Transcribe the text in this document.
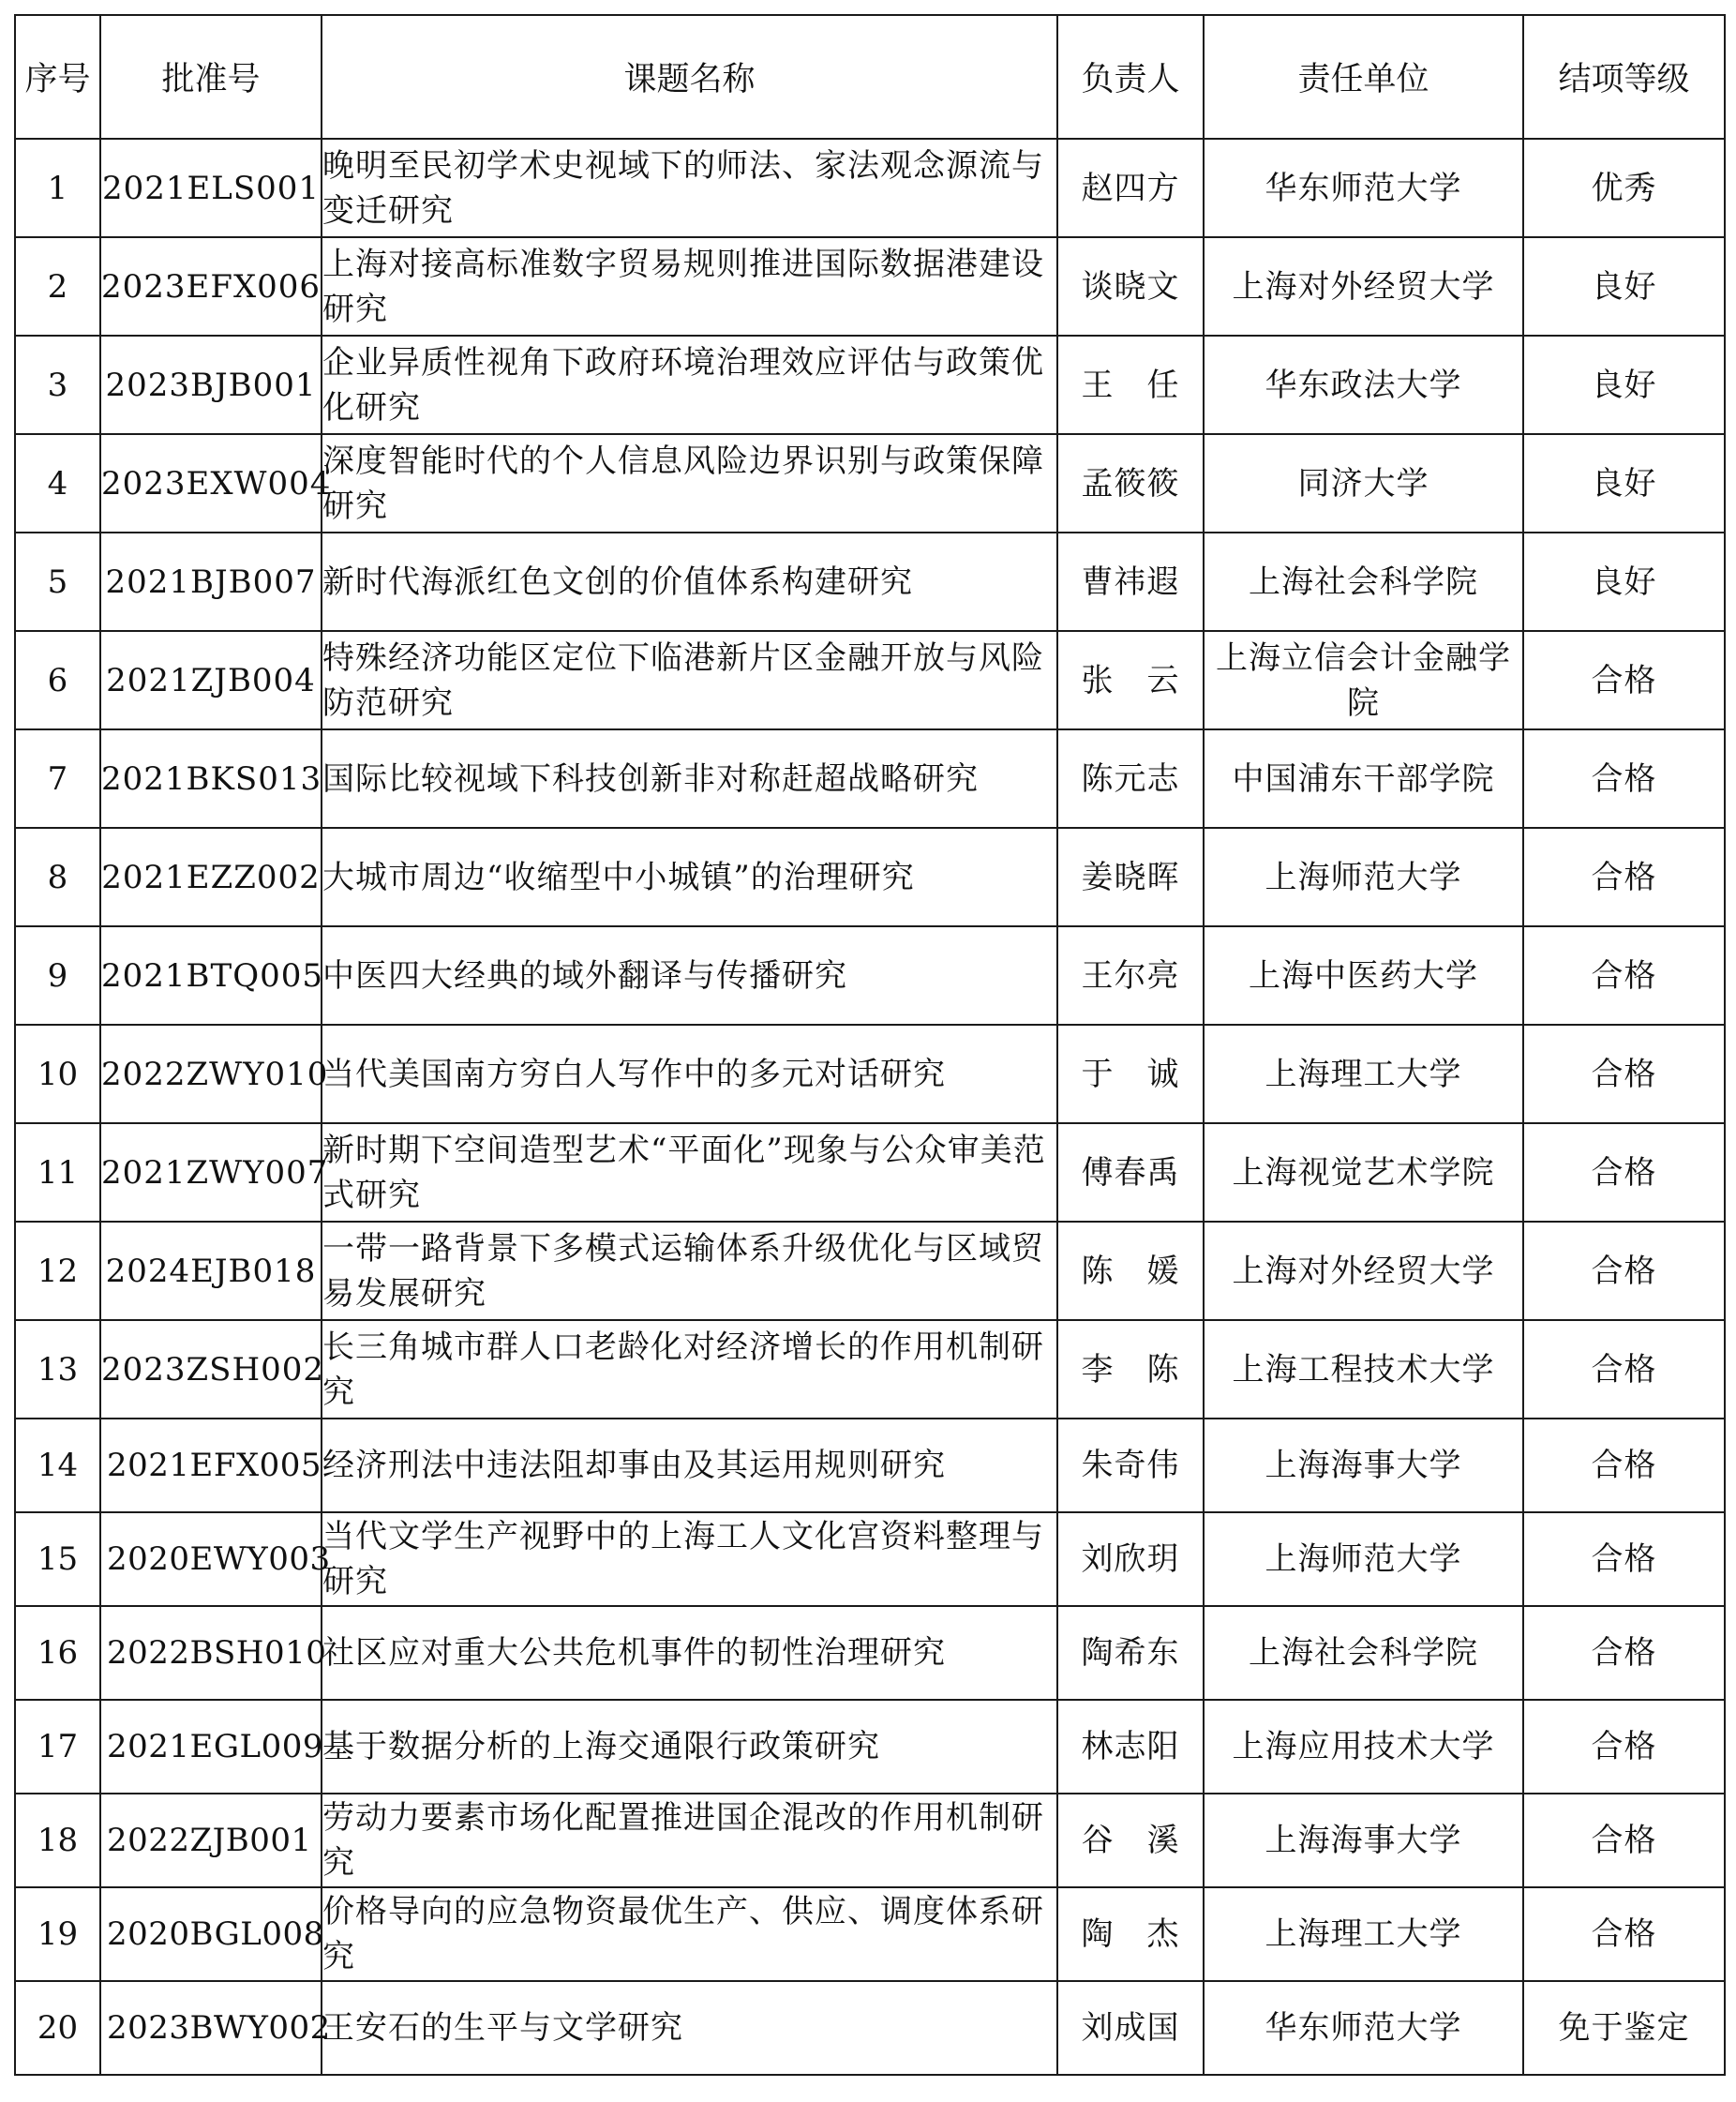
序号	批准号	课题名称	负责人	责任单位	结项等级
1	2021ELS001	晚明至民初学术史视域下的师法、家法观念源流与变迁研究	赵四方	华东师范大学	优秀
2	2023EFX006	上海对接高标准数字贸易规则推进国际数据港建设研究	谈晓文	上海对外经贸大学	良好
3	2023BJB001	企业异质性视角下政府环境治理效应评估与政策优化研究	王　任	华东政法大学	良好
4	2023EXW004	深度智能时代的个人信息风险边界识别与政策保障研究	孟筱筱	同济大学	良好
5	2021BJB007	新时代海派红色文创的价值体系构建研究	曹祎遐	上海社会科学院	良好
6	2021ZJB004	特殊经济功能区定位下临港新片区金融开放与风险防范研究	张　云	上海立信会计金融学院	合格
7	2021BKS013	国际比较视域下科技创新非对称赶超战略研究	陈元志	中国浦东干部学院	合格
8	2021EZZ002	大城市周边“收缩型中小城镇”的治理研究	姜晓晖	上海师范大学	合格
9	2021BTQ005	中医四大经典的域外翻译与传播研究	王尔亮	上海中医药大学	合格
10	2022ZWY010	当代美国南方穷白人写作中的多元对话研究	于　诚	上海理工大学	合格
11	2021ZWY007	新时期下空间造型艺术“平面化”现象与公众审美范式研究	傅春禹	上海视觉艺术学院	合格
12	2024EJB018	一带一路背景下多模式运输体系升级优化与区域贸易发展研究	陈　媛	上海对外经贸大学	合格
13	2023ZSH002	长三角城市群人口老龄化对经济增长的作用机制研究	李　陈	上海工程技术大学	合格
14	2021EFX005	经济刑法中违法阻却事由及其运用规则研究	朱奇伟	上海海事大学	合格
15	2020EWY003	当代文学生产视野中的上海工人文化宫资料整理与研究	刘欣玥	上海师范大学	合格
16	2022BSH010	社区应对重大公共危机事件的韧性治理研究	陶希东	上海社会科学院	合格
17	2021EGL009	基于数据分析的上海交通限行政策研究	林志阳	上海应用技术大学	合格
18	2022ZJB001	劳动力要素市场化配置推进国企混改的作用机制研究	谷　溪	上海海事大学	合格
19	2020BGL008	价格导向的应急物资最优生产、供应、调度体系研究	陶　杰	上海理工大学	合格
20	2023BWY002	王安石的生平与文学研究	刘成国	华东师范大学	免于鉴定
